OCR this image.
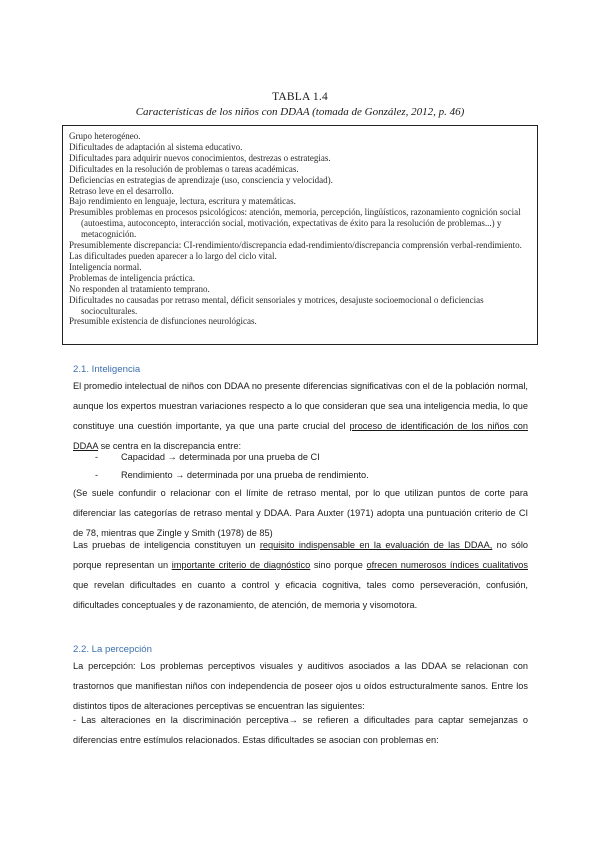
TABLA 1.4
Características de los niños con DDAA (tomada de González, 2012, p. 46)

Grupo heterogéneo.

Dificultades de adaptación al sistema educativo.

Dificultades para adquirir nuevos conocimientos, destrezas o estrategias.

Dificultades en la resolución de problemas o tareas académicas.

Deficiencias en estrategias de aprendizaje (uso, consciencia y velocidad).

Retraso leve en el desarrollo.

Bajo rendimiento en lenguaje, lectura, escritura y matemáticas.

Presumibles problemas en procesos psicológicos: atención, memoria, percepción, lingüísticos, razonamiento cognición social (autoestima, autoconcepto, interacción social, motivación, expectativas de éxito para la resolución de problemas...) y metacognición.

Presumiblemente discrepancia: CI-rendimiento/discrepancia edad-rendimiento/discrepancia comprensión verbal-rendimiento.

Las dificultades pueden aparecer a lo largo del ciclo vital.

Inteligencia normal.

Problemas de inteligencia práctica.

No responden al tratamiento temprano.

Dificultades no causadas por retraso mental, déficit sensoriales y motrices, desajuste socioemocional o deficiencias socioculturales.

Presumible existencia de disfunciones neurológicas.

2.1. Inteligencia
El promedio intelectual de niños con DDAA no presente diferencias significativas con el de la población normal, aunque los expertos muestran variaciones respecto a lo que consideran que sea una inteligencia media, lo que constituye una cuestión importante, ya que una parte crucial del proceso de identificación de los niños con DDAA se centra en la discrepancia entre:
- Capacidad → determinada por una prueba de CI
- Rendimiento → determinada por una prueba de rendimiento.
(Se suele confundir o relacionar con el límite de retraso mental, por lo que utilizan puntos de corte para diferenciar las categorías de retraso mental y DDAA. Para Auxter (1971) adopta una puntuación criterio de CI de 78, mientras que Zingle y Smith (1978) de 85)
Las pruebas de inteligencia constituyen un requisito indispensable en la evaluación de las DDAA, no sólo porque representan un importante criterio de diagnóstico sino porque ofrecen numerosos índices cualitativos que revelan dificultades en cuanto a control y eficacia cognitiva, tales como perseveración, confusión, dificultades conceptuales y de razonamiento, de atención, de memoria y visomotora.
2.2. La percepción
La percepción: Los problemas perceptivos visuales y auditivos asociados a las DDAA se relacionan con trastornos que manifiestan niños con independencia de poseer ojos u oídos estructuralmente sanos. Entre los distintos tipos de alteraciones perceptivas se encuentran las siguientes:
- Las alteraciones en la discriminación perceptiva→ se refieren a dificultades para captar semejanzas o diferencias entre estímulos relacionados. Estas dificultades se asocian con problemas en:
